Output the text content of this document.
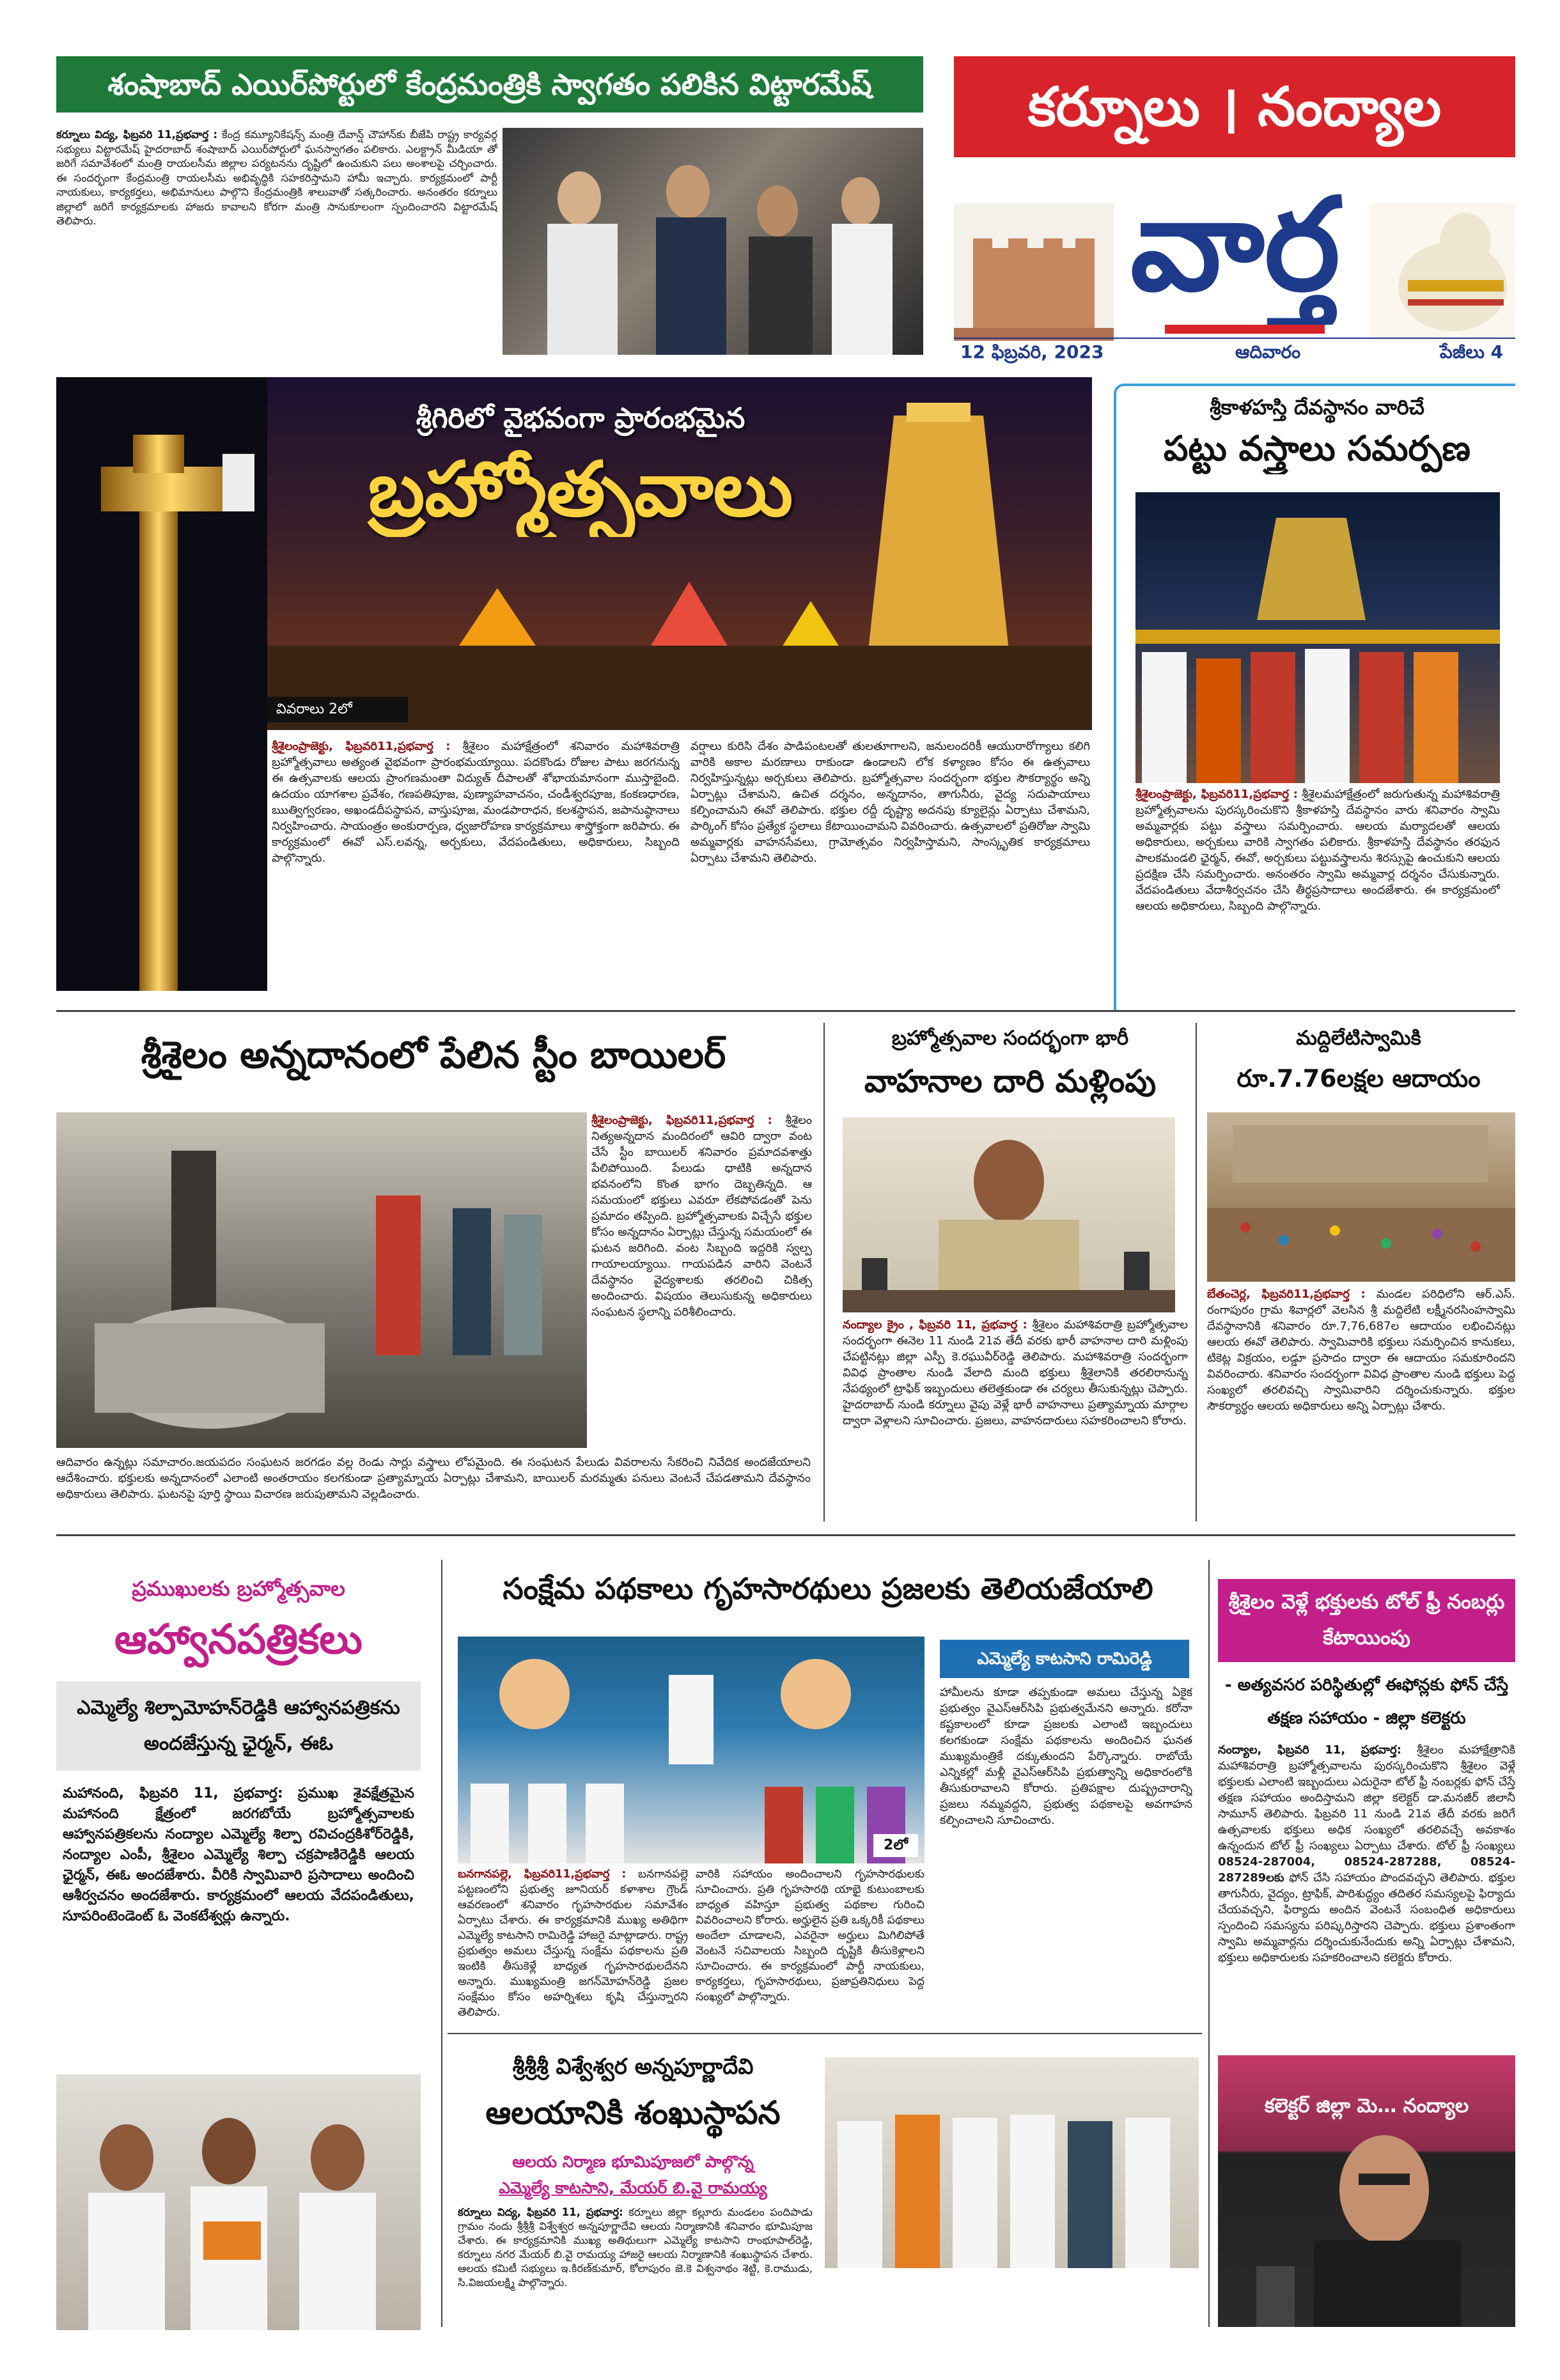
శంషాబాద్ ఎయిర్‌పోర్టులో కేంద్రమంత్రికి స్వాగతం పలికిన విట్టారమేష్
కర్నూలు విద్య, ఫిబ్రవరి 11,ప్రభవార్త : కేంద్ర కమ్యూనికేషన్స్ మంత్రి దేవాన్ష్ చౌహాన్‌కు బీజేపి రాష్ట్ర కార్యవర్గ సభ్యులు విట్టారమేష్ హైదరాబాద్ శంషాబాద్ ఎయిర్‌పోర్టులో ఘనస్వాగతం పలికారు. ఎలక్ట్రాన్ మీడియా తో జరిగే సమావేశంలో మంత్రి రాయలసీమ జిల్లాల పర్యటనను దృష్టిలో ఉంచుకుని పలు అంశాలపై చర్చించారు. ఈ సందర్భంగా కేంద్రమంత్రి రాయలసీమ అభివృద్ధికి సహకరిస్తామని హామీ ఇచ్చారు. కార్యక్రమంలో పార్టీ నాయకులు, కార్యకర్తలు, అభిమానులు పాల్గొని కేంద్రమంత్రికి శాలువాతో సత్కరించారు. అనంతరం కర్నూలు జిల్లాలో జరిగే కార్యక్రమాలకు హాజరు కావాలని కోరగా మంత్రి సానుకూలంగా స్పందించారని విట్టారమేష్ తెలిపారు.
కర్నూలు । నంద్యాల
వార్త
12 ఫిబ్రవరి, 2023	ఆదివారం	పేజీలు 4
శ్రీగిరిలో వైభవంగా ప్రారంభమైన
బ్రహ్మోత్సవాలు
వివరాలు 2లో
శ్రీశైలంప్రాజెక్టు, ఫిబ్రవరి11,ప్రభవార్త : శ్రీశైలం మహాక్షేత్రంలో శనివారం మహాశివరాత్రి బ్రహ్మోత్సవాలు అత్యంత వైభవంగా ప్రారంభమయ్యాయి. పదకొండు రోజుల పాటు జరగనున్న ఈ ఉత్సవాలకు ఆలయ ప్రాంగణమంతా విద్యుత్ దీపాలతో శోభాయమానంగా ముస్తాబైంది. ఉదయం యాగశాల ప్రవేశం, గణపతిపూజ, పుణ్యాహవాచనం, చండీశ్వరపూజ, కంకణధారణ, ఋత్విగ్వరణం, అఖండదీపస్థాపన, వాస్తుపూజ, మండపారాధన, కలశస్థాపన, జపానుష్ఠానాలు నిర్వహించారు. సాయంత్రం అంకురార్పణ, ధ్వజారోహణ కార్యక్రమాలు శాస్త్రోక్తంగా జరిపారు. ఈ కార్యక్రమంలో ఈవో ఎస్.లవన్న, అర్చకులు, వేదపండితులు, అధికారులు, సిబ్బంది పాల్గొన్నారు.
వర్షాలు కురిసి దేశం పాడిపంటలతో తులతూగాలని, జనులందరికీ ఆయురారోగ్యాలు కలిగి వారికి అకాల మరణాలు రాకుండా ఉండాలని లోక కళ్యాణం కోసం ఈ ఉత్సవాలు నిర్వహిస్తున్నట్లు అర్చకులు తెలిపారు. బ్రహ్మోత్సవాల సందర్భంగా భక్తుల సౌకర్యార్థం అన్ని ఏర్పాట్లు చేశామని, ఉచిత దర్శనం, అన్నదానం, తాగునీరు, వైద్య సదుపాయాలు కల్పించామని ఈవో తెలిపారు. భక్తుల రద్దీ దృష్ట్యా అదనపు క్యూలైన్లు ఏర్పాటు చేశామని, పార్కింగ్ కోసం ప్రత్యేక స్థలాలు కేటాయించామని వివరించారు. ఉత్సవాలలో ప్రతిరోజు స్వామి అమ్మవార్లకు వాహనసేవలు, గ్రామోత్సవం నిర్వహిస్తామని, సాంస్కృతిక కార్యక్రమాలు ఏర్పాటు చేశామని తెలిపారు.
శ్రీకాళహస్తి దేవస్థానం వారిచే
పట్టు వస్త్రాలు సమర్పణ
శ్రీశైలంప్రాజెక్టు, ఫిబ్రవరి11,ప్రభవార్త : శ్రీశైలమహాక్షేత్రంలో జరుగుతున్న మహాశివరాత్రి బ్రహ్మోత్సవాలను పురస్కరించుకొని శ్రీకాళహస్తి దేవస్థానం వారు శనివారం స్వామి అమ్మవార్లకు పట్టు వస్త్రాలు సమర్పించారు. ఆలయ మర్యాదలతో ఆలయ అధికారులు, అర్చకులు వారికి స్వాగతం పలికారు. శ్రీకాళహస్తి దేవస్థానం తరఫున పాలకమండలి ఛైర్మన్, ఈవో, అర్చకులు పట్టువస్త్రాలను శిరస్సుపై ఉంచుకుని ఆలయ ప్రదక్షిణ చేసి సమర్పించారు. అనంతరం స్వామి అమ్మవార్ల దర్శనం చేసుకున్నారు. వేదపండితులు వేదాశీర్వచనం చేసి తీర్థప్రసాదాలు అందజేశారు. ఈ కార్యక్రమంలో ఆలయ అధికారులు, సిబ్బంది పాల్గొన్నారు.
శ్రీశైలం అన్నదానంలో పేలిన స్టీం బాయిలర్
శ్రీశైలంప్రాజెక్టు, ఫిబ్రవరి11,ప్రభవార్త : శ్రీశైలం నిత్యఅన్నదాన మందిరంలో ఆవిరి ద్వారా వంట చేసే స్టీం బాయిలర్ శనివారం ప్రమాదవశాత్తు పేలిపోయింది. పేలుడు ధాటికి అన్నదాన భవనంలోని కొంత భాగం దెబ్బతిన్నది. ఆ సమయంలో భక్తులు ఎవరూ లేకపోవడంతో పెను ప్రమాదం తప్పింది. బ్రహ్మోత్సవాలకు విచ్చేసే భక్తుల కోసం అన్నదానం ఏర్పాట్లు చేస్తున్న సమయంలో ఈ ఘటన జరిగింది. వంట సిబ్బంది ఇద్దరికి స్వల్ప గాయాలయ్యాయి. గాయపడిన వారిని వెంటనే దేవస్థానం వైద్యశాలకు తరలించి చికిత్స అందించారు. విషయం తెలుసుకున్న అధికారులు సంఘటన స్థలాన్ని పరిశీలించారు.
ఆదివారం ఉన్నట్లు సమాచారం.జయపదం సంఘటన జరగడం వల్ల రెండు సార్లు వస్త్రాలు లోపమైంది. ఈ సంఘటన పేలుడు వివరాలను సేకరించి నివేదిక అందజేయాలని ఆదేశించారు. భక్తులకు అన్నదానంలో ఎలాంటి అంతరాయం కలగకుండా ప్రత్యామ్నాయ ఏర్పాట్లు చేశామని, బాయిలర్ మరమ్మతు పనులు వెంటనే చేపడతామని దేవస్థానం అధికారులు తెలిపారు. ఘటనపై పూర్తి స్థాయి విచారణ జరుపుతామని వెల్లడించారు.
బ్రహ్మోత్సవాల సందర్భంగా భారీ
వాహనాల దారి మళ్లింపు
నంద్యాల క్రైం , ఫిబ్రవరి 11, ప్రభవార్త : శ్రీశైలం మహాశివరాత్రి బ్రహ్మోత్సవాల సందర్భంగా ఈనెల 11 నుండి 21వ తేదీ వరకు భారీ వాహనాల దారి మళ్లింపు చేపట్టినట్లు జిల్లా ఎస్పీ కె.రఘువీర్‌రెడ్డి తెలిపారు. మహాశివరాత్రి సందర్భంగా వివిధ ప్రాంతాల నుండి వేలాది మంది భక్తులు శ్రీశైలానికి తరలిరానున్న నేపథ్యంలో ట్రాఫిక్ ఇబ్బందులు తలెత్తకుండా ఈ చర్యలు తీసుకున్నట్లు చెప్పారు. హైదరాబాద్ నుండి కర్నూలు వైపు వెళ్లే భారీ వాహనాలు ప్రత్యామ్నాయ మార్గాల ద్వారా వెళ్లాలని సూచించారు. ప్రజలు, వాహనదారులు సహకరించాలని కోరారు.
మద్దిలేటిస్వామికి
రూ.7.76లక్షల ఆదాయం
బేతంచెర్ల, ఫిబ్రవరి11,ప్రభవార్త : మండల పరిధిలోని ఆర్.ఎస్. రంగాపురం గ్రామ శివార్లలో వెలసిన శ్రీ మద్దిలేటి లక్ష్మీనరసింహస్వామి దేవస్థానానికి శనివారం రూ.7,76,687ల ఆదాయం లభించినట్లు ఆలయ ఈవో తెలిపారు. స్వామివారికి భక్తులు సమర్పించిన కానుకలు, టికెట్ల విక్రయం, లడ్డూ ప్రసాదం ద్వారా ఈ ఆదాయం సమకూరిందని వివరించారు. శనివారం సందర్భంగా వివిధ ప్రాంతాల నుండి భక్తులు పెద్ద సంఖ్యలో తరలివచ్చి స్వామివారిని దర్శించుకున్నారు. భక్తుల సౌకర్యార్థం ఆలయ అధికారులు అన్ని ఏర్పాట్లు చేశారు.
ప్రముఖులకు బ్రహ్మోత్సవాల
ఆహ్వానపత్రికలు
ఎమ్మెల్యే శిల్పామోహన్‌రెడ్డికి ఆహ్వానపత్రికను అందజేస్తున్న ఛైర్మన్, ఈఓ
మహానంది, ఫిబ్రవరి 11, ప్రభవార్త: ప్రముఖ శైవక్షేత్రమైన మహానంది క్షేత్రంలో జరగబోయే బ్రహ్మోత్సవాలకు ఆహ్వానపత్రికలను నంద్యాల ఎమ్మెల్యే శిల్పా రవిచంద్రకిశోర్‌రెడ్డికి, నంద్యాల ఎంపీ, శ్రీశైలం ఎమ్మెల్యే శిల్పా చక్రపాణిరెడ్డికి ఆలయ ఛైర్మన్, ఈఓ అందజేశారు. వీరికి స్వామివారి ప్రసాదాలు అందించి ఆశీర్వచనం అందజేశారు. కార్యక్రమంలో ఆలయ వేదపండితులు, సూపరింటెండెంట్ ఓ వెంకటేశ్వర్లు ఉన్నారు.
సంక్షేమ పథకాలు గృహసారథులు ప్రజలకు తెలియజేయాలి
2లో
ఎమ్మెల్యే కాటసాని రామిరెడ్డి
హామీలను కూడా తప్పకుండా అమలు చేస్తున్న ఏకైక ప్రభుత్వం వైఎస్ఆర్‌సిపి ప్రభుత్వమేనని అన్నారు. కరోనా కష్టకాలంలో కూడా ప్రజలకు ఎలాంటి ఇబ్బందులు కలగకుండా సంక్షేమ పథకాలను అందించిన ఘనత ముఖ్యమంత్రికే దక్కుతుందని పేర్కొన్నారు. రాబోయే ఎన్నికల్లో మళ్లీ వైఎస్ఆర్‌సిపి ప్రభుత్వాన్ని అధికారంలోకి తీసుకురావాలని కోరారు. ప్రతిపక్షాల దుష్ప్రచారాన్ని ప్రజలు నమ్మవద్దని, ప్రభుత్వ పథకాలపై అవగాహన కల్పించాలని సూచించారు.
బనగానపల్లె, ఫిబ్రవరి11,ప్రభవార్త : బనగానపల్లె పట్టణంలోని ప్రభుత్వ జూనియర్ కళాశాల గ్రౌండ్ ఆవరణంలో శనివారం గృహసారథుల సమావేశం ఏర్పాటు చేశారు. ఈ కార్యక్రమానికి ముఖ్య అతిథిగా ఎమ్మెల్యే కాటసాని రామిరెడ్డి హాజరై మాట్లాడారు. రాష్ట్ర ప్రభుత్వం అమలు చేస్తున్న సంక్షేమ పథకాలను ప్రతి ఇంటికి తీసుకెళ్లే బాధ్యత గృహసారథులదేనని అన్నారు. ముఖ్యమంత్రి జగన్‌మోహన్‌రెడ్డి ప్రజల సంక్షేమం కోసం అహర్నిశలు కృషి చేస్తున్నారని తెలిపారు.
వారికి సహాయం అందించాలని గృహసారథులకు సూచించారు. ప్రతి గృహసారథి యాభై కుటుంబాలకు బాధ్యత వహిస్తూ ప్రభుత్వ పథకాల గురించి వివరించాలని కోరారు. అర్హులైన ప్రతి ఒక్కరికీ పథకాలు అందేలా చూడాలని, ఎవరైనా అర్హులు మిగిలిపోతే వెంటనే సచివాలయ సిబ్బంది దృష్టికి తీసుకెళ్లాలని సూచించారు. ఈ కార్యక్రమంలో పార్టీ నాయకులు, కార్యకర్తలు, గృహసారథులు, ప్రజాప్రతినిధులు పెద్ద సంఖ్యలో పాల్గొన్నారు.
శ్రీశ్రీశ్రీ విశ్వేశ్వర అన్నపూర్ణాదేవి
ఆలయానికి శంఖుస్థాపన
ఆలయ నిర్మాణ భూమిపూజలో పాల్గొన్న
ఎమ్మెల్యే కాటసాని, మేయర్ బి.వై రామయ్య
కర్నూలు విద్య, ఫిబ్రవరి 11, ప్రభవార్త: కర్నూలు జిల్లా కల్లూరు మండలం పందిపాడు గ్రామం నందు శ్రీశ్రీశ్రీ విశ్వేశ్వర అన్నపూర్ణాదేవి ఆలయ నిర్మాణానికి శనివారం భూమిపూజ చేశారు. ఈ కార్యక్రమానికి ముఖ్య అతిథులుగా ఎమ్మెల్యే కాటసాని రాంభూపాల్‌రెడ్డి, కర్నూలు నగర మేయర్ బి.వై రామయ్య హాజరై ఆలయ నిర్మాణానికి శంఖుస్థాపన చేశారు. ఆలయ కమిటీ సభ్యులు ఇ.కిరణ్‌కుమార్, కోలాపురం జె.కె విశ్వనాథం శెట్టి, కె.రాముడు, సి.విజయలక్ష్మి పాల్గొన్నారు.
శ్రీశైలం వెళ్లే భక్తులకు టోల్ ఫ్రీ నంబర్లు కేటాయింపు
- అత్యవసర పరిస్థితుల్లో ఈఫోన్లకు ఫోన్ చేస్తే తక్షణ సహాయం - జిల్లా కలెక్టరు
నంద్యాల, ఫిబ్రవరి 11, ప్రభవార్త: శ్రీశైలం మహాక్షేత్రానికి మహాశివరాత్రి బ్రహ్మోత్సవాలను పురస్కరించుకొని శ్రీశైలం వెళ్లే భక్తులకు ఎలాంటి ఇబ్బందులు ఎదురైనా టోల్ ఫ్రీ నంబర్లకు ఫోన్ చేస్తే తక్షణ సహాయం అందిస్తామని జిల్లా కలెక్టర్ డా.మనజీర్ జిలానీ సామూన్ తెలిపారు. ఫిబ్రవరి 11 నుండి 21వ తేదీ వరకు జరిగే ఉత్సవాలకు భక్తులు అధిక సంఖ్యలో తరలివచ్చే అవకాశం ఉన్నందున టోల్ ఫ్రీ సంఖ్యలు ఏర్పాటు చేశారు. టోల్ ఫ్రీ సంఖ్యలు 08524-287004, 08524-287288, 08524-287289లకు ఫోన్ చేసి సహాయం పొందవచ్చని తెలిపారు. భక్తుల తాగునీరు, వైద్యం, ట్రాఫిక్, పారిశుద్ధ్యం తదితర సమస్యలపై ఫిర్యాదు చేయవచ్చని, ఫిర్యాదు అందిన వెంటనే సంబంధిత అధికారులు స్పందించి సమస్యను పరిష్కరిస్తారని చెప్పారు. భక్తులు ప్రశాంతంగా స్వామి అమ్మవార్లను దర్శించుకునేందుకు అన్ని ఏర్పాట్లు చేశామని, భక్తులు అధికారులకు సహకరించాలని కలెక్టరు కోరారు.
కలెక్టర్ జిల్లా మె… నంద్యాల
